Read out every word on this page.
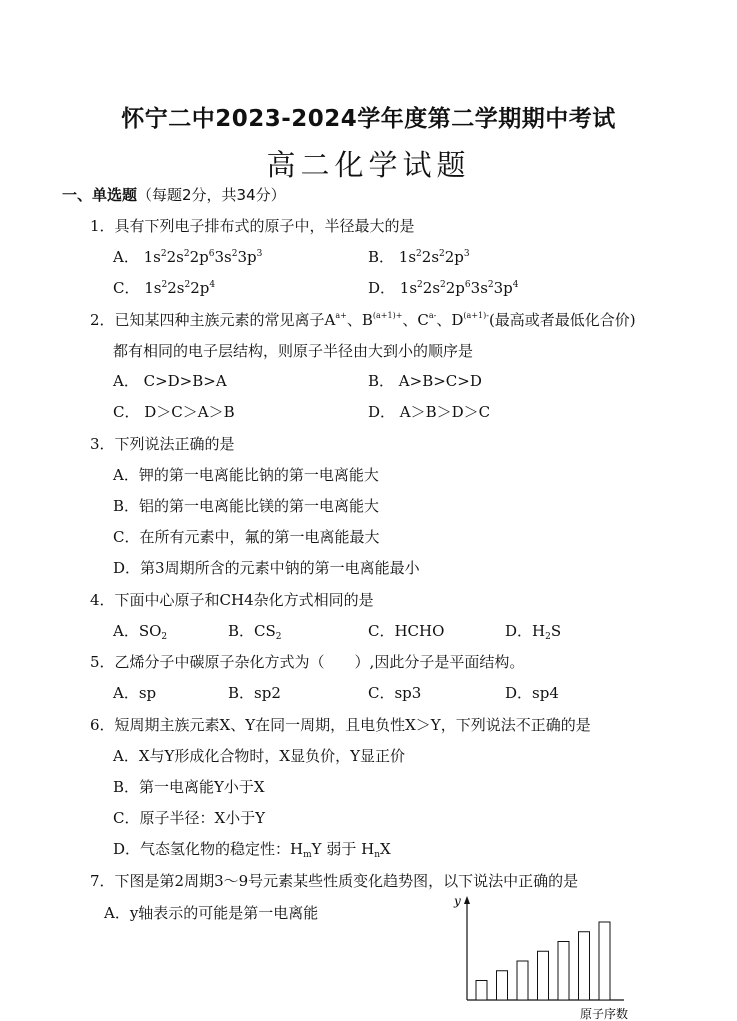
怀宁二中2023-2024学年度第二学期期中考试
高二化学试题
一、单选题（每题2分，共34分）
1．具有下列电子排布式的原子中，半径最大的是
A． $1s^22s^22p^63s^23p^3$	B． $1s^22s^22p^3$
C． $1s^22s^22p^4$	D． $1s^22s^22p^63s^23p^4$
2．已知某四种主族元素的常见离子$A^{a+}$、$B^{(a+1)+}$、$C^{a-}$、$D^{(a+1)-}$(最高或者最低化合价)
都有相同的电子层结构，则原子半径由大到小的顺序是
A． C>D>B>A	B． A>B>C>D
C． D＞C＞A＞B	D． A＞B＞D＞C
3．下列说法正确的是
A．钾的第一电离能比钠的第一电离能大
B．铝的第一电离能比镁的第一电离能大
C．在所有元素中，氟的第一电离能最大
D．第3周期所含的元素中钠的第一电离能最小
4．下面中心原子和CH4杂化方式相同的是
A．$SO_2$	B．$CS_2$	C．HCHO	D．$H_2S$
5．乙烯分子中碳原子杂化方式为（　　）,因此分子是平面结构。
A．sp	B．sp2	C．sp3	D．sp4
6．短周期主族元素X、Y在同一周期，且电负性X＞Y，下列说法不正确的是
A．X与Y形成化合物时，X显负价，Y显正价
B．第一电离能Y小于X
C．原子半径：X小于Y
D．气态氢化物的稳定性：$H_mY$ 弱于 $H_nX$
7．下图是第2周期3～9号元素某些性质变化趋势图，以下说法中正确的是
A．y轴表示的可能是第一电离能
y
原子序数
